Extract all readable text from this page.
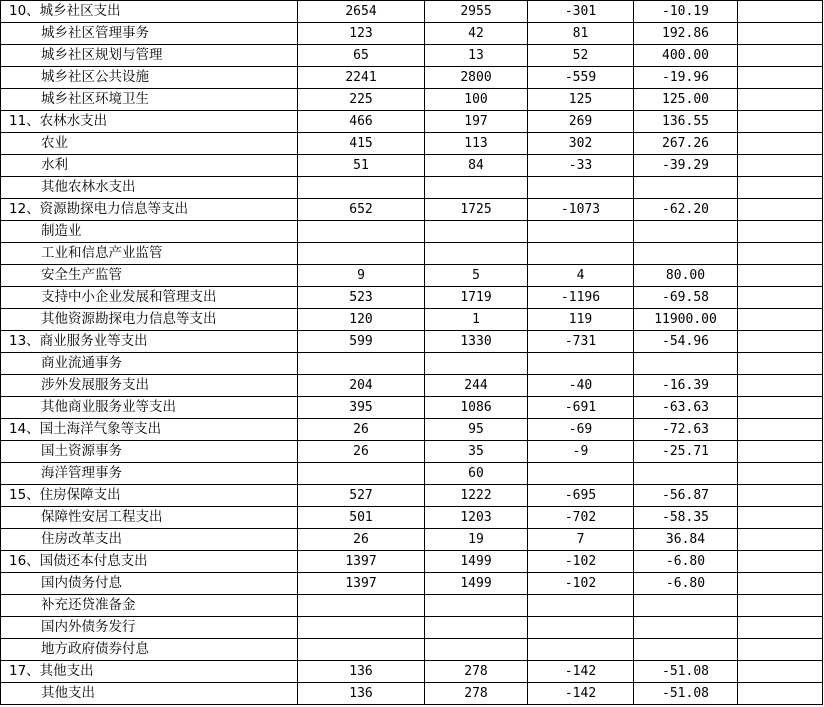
10、城乡社区支出	2654	2955	-301	-10.19	
城乡社区管理事务	123	42	81	192.86	
城乡社区规划与管理	65	13	52	400.00	
城乡社区公共设施	2241	2800	-559	-19.96	
城乡社区环境卫生	225	100	125	125.00	
11、农林水支出	466	197	269	136.55	
农业	415	113	302	267.26	
水利	51	84	-33	-39.29	
其他农林水支出					
12、资源勘探电力信息等支出	652	1725	-1073	-62.20	
制造业					
工业和信息产业监管					
安全生产监管	9	5	4	80.00	
支持中小企业发展和管理支出	523	1719	-1196	-69.58	
其他资源勘探电力信息等支出	120	1	119	11900.00	
13、商业服务业等支出	599	1330	-731	-54.96	
商业流通事务					
涉外发展服务支出	204	244	-40	-16.39	
其他商业服务业等支出	395	1086	-691	-63.63	
14、国土海洋气象等支出	26	95	-69	-72.63	
国土资源事务	26	35	-9	-25.71	
海洋管理事务		60			
15、住房保障支出	527	1222	-695	-56.87	
保障性安居工程支出	501	1203	-702	-58.35	
住房改革支出	26	19	7	36.84	
16、国债还本付息支出	1397	1499	-102	-6.80	
国内债务付息	1397	1499	-102	-6.80	
补充还贷准备金					
国内外债务发行					
地方政府债券付息					
17、其他支出	136	278	-142	-51.08	
其他支出	136	278	-142	-51.08	
